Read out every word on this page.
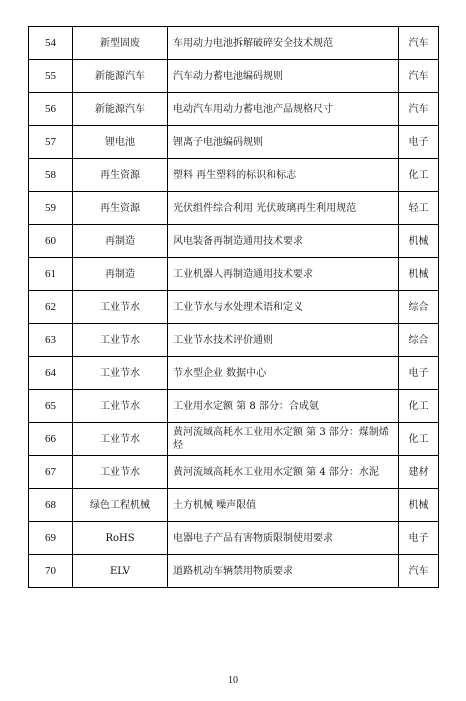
54	新型固废	车用动力电池拆解破碎安全技术规范	汽车
55	新能源汽车	汽车动力蓄电池编码规则	汽车
56	新能源汽车	电动汽车用动力蓄电池产品规格尺寸	汽车
57	锂电池	锂离子电池编码规则	电子
58	再生资源	塑料 再生塑料的标识和标志	化工
59	再生资源	光伏组件综合利用 光伏玻璃再生利用规范	轻工
60	再制造	风电装备再制造通用技术要求	机械
61	再制造	工业机器人再制造通用技术要求	机械
62	工业节水	工业节水与水处理术语和定义	综合
63	工业节水	工业节水技术评价通则	综合
64	工业节水	节水型企业 数据中心	电子
65	工业节水	工业用水定额 第 8 部分：合成氨	化工
66	工业节水	黄河流域高耗水工业用水定额 第 3 部分：煤制烯烃	化工
67	工业节水	黄河流域高耗水工业用水定额 第 4 部分：水泥	建材
68	绿色工程机械	土方机械 噪声限值	机械
69	RoHS	电器电子产品有害物质限制使用要求	电子
70	ELV	道路机动车辆禁用物质要求	汽车
10
